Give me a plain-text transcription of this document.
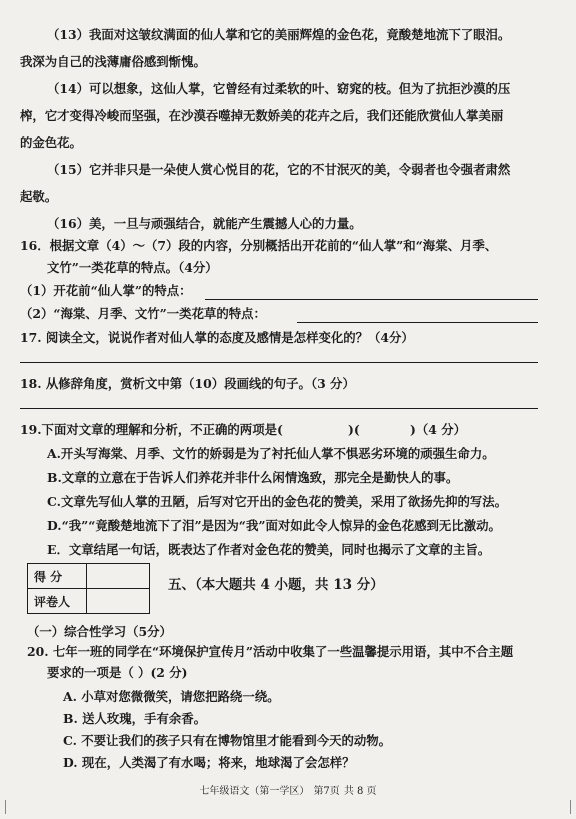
（13）我面对这皱纹满面的仙人掌和它的美丽辉煌的金色花，竟酸楚地流下了眼泪。
我深为自己的浅薄庸俗感到惭愧。
（14）可以想象，这仙人掌，它曾经有过柔软的叶、窈窕的枝。但为了抗拒沙漠的压
榨，它才变得冷峻而坚强，在沙漠吞噬掉无数娇美的花卉之后，我们还能欣赏仙人掌美丽
的金色花。
（15）它并非只是一朵使人赏心悦目的花，它的不甘泯灭的美，令弱者也令强者肃然
起敬。
（16）美，一旦与顽强结合，就能产生震撼人心的力量。
16．根据文章（4）～（7）段的内容，分别概括出开花前的“仙人掌”和“海棠、月季、
文竹”一类花草的特点。（4分）
（1）开花前“仙人掌”的特点：
（2）“海棠、月季、文竹”一类花草的特点：
17. 阅读全文，说说作者对仙人掌的态度及感情是怎样变化的？（4分）
18. 从修辞角度，赏析文中第（10）段画线的句子。（3 分）
19.下面对文章的理解和分析，不正确的两项是(	)(	)（4 分）
A.开头写海棠、月季、文竹的娇弱是为了衬托仙人掌不惧恶劣环境的顽强生命力。
B.文章的立意在于告诉人们养花并非什么闲情逸致，那完全是勤快人的事。
C.文章先写仙人掌的丑陋，后写对它开出的金色花的赞美，采用了欲扬先抑的写法。
D.“我”“竟酸楚地流下了泪”是因为“我”面对如此令人惊异的金色花感到无比激动。
E．文章结尾一句话，既表达了作者对金色花的赞美，同时也揭示了文章的主旨。
得 分	
评卷人	
五、（本大题共 4 小题，共 13 分）
（一）综合性学习（5分）
20. 七年一班的同学在“环境保护宣传月”活动中收集了一些温馨提示用语，其中不合主题
要求的一项是（ ）(2 分)
A. 小草对您微微笑，请您把路绕一绕。
B. 送人玫瑰，手有余香。
C. 不要让我们的孩子只有在博物馆里才能看到今天的动物。
D. 现在，人类渴了有水喝；将来，地球渴了会怎样？
七年级语文（第一学区） 第7页 共 8 页
